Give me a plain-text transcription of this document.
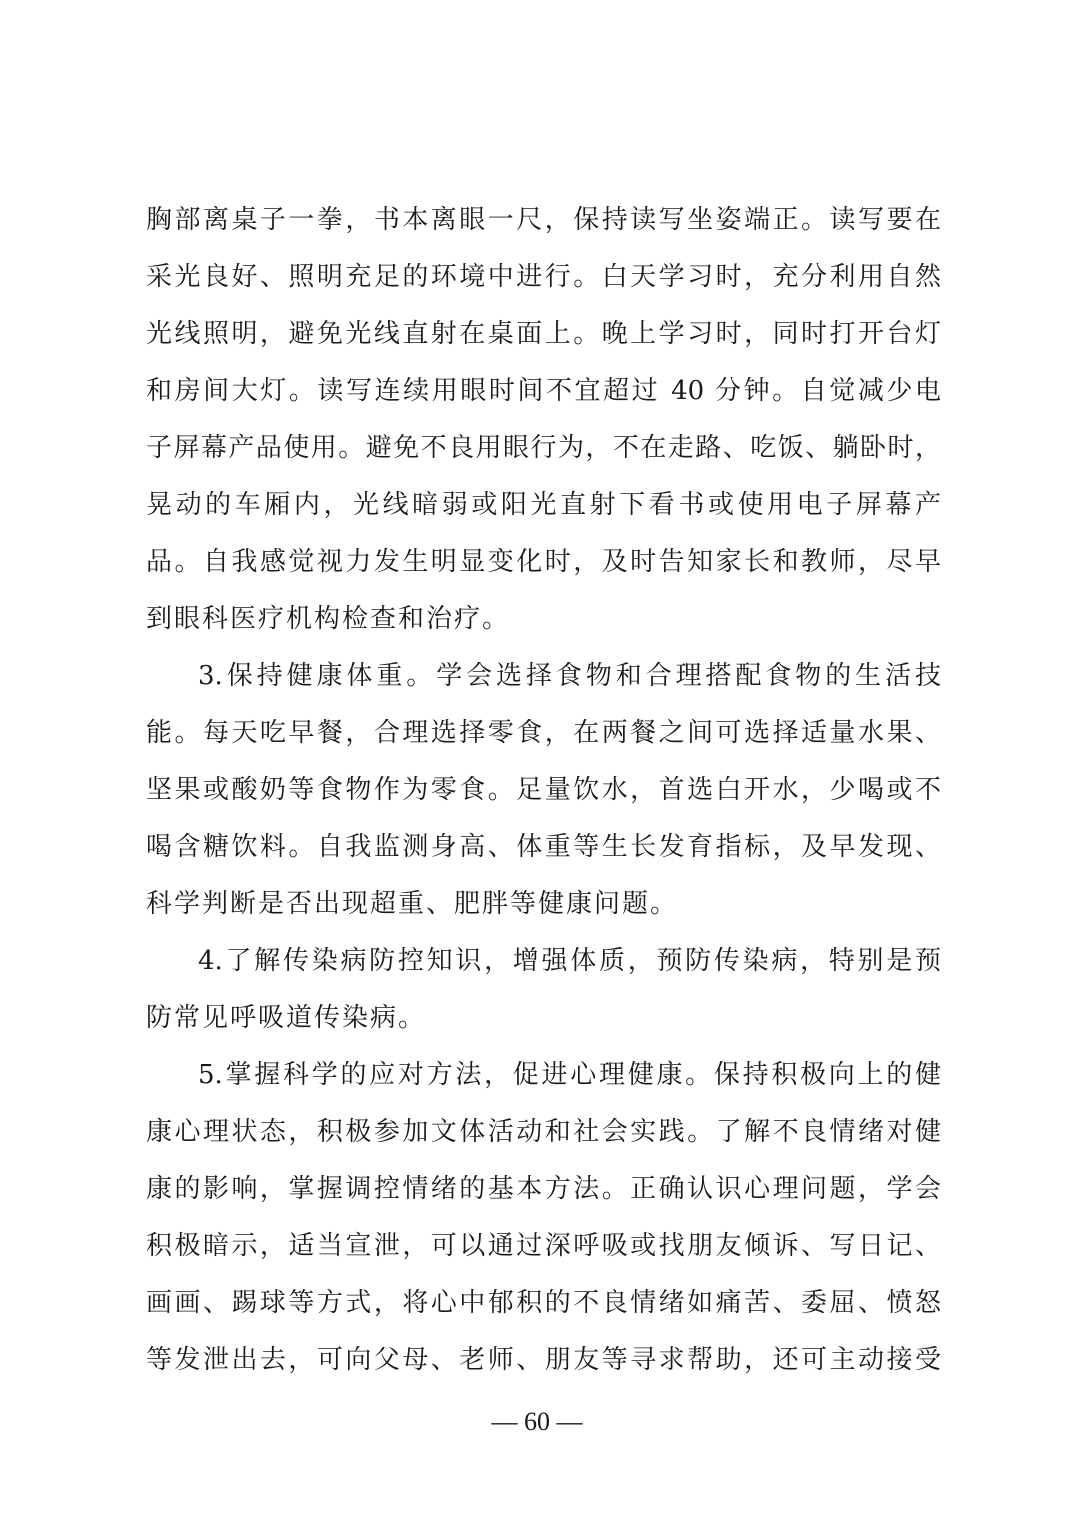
胸部离桌子一拳，书本离眼一尺，保持读写坐姿端正。读写要在
采光良好、照明充足的环境中进行。白天学习时，充分利用自然
光线照明，避免光线直射在桌面上。晚上学习时，同时打开台灯
和房间大灯。读写连续用眼时间不宜超过 40 分钟。自觉减少电
子屏幕产品使用。避免不良用眼行为，不在走路、吃饭、躺卧时，
晃动的车厢内，光线暗弱或阳光直射下看书或使用电子屏幕产
品。自我感觉视力发生明显变化时，及时告知家长和教师，尽早
到眼科医疗机构检查和治疗。
3.保持健康体重。学会选择食物和合理搭配食物的生活技
能。每天吃早餐，合理选择零食，在两餐之间可选择适量水果、
坚果或酸奶等食物作为零食。足量饮水，首选白开水，少喝或不
喝含糖饮料。自我监测身高、体重等生长发育指标，及早发现、
科学判断是否出现超重、肥胖等健康问题。
4.了解传染病防控知识，增强体质，预防传染病，特别是预
防常见呼吸道传染病。
5.掌握科学的应对方法，促进心理健康。保持积极向上的健
康心理状态，积极参加文体活动和社会实践。了解不良情绪对健
康的影响，掌握调控情绪的基本方法。正确认识心理问题，学会
积极暗示，适当宣泄，可以通过深呼吸或找朋友倾诉、写日记、
画画、踢球等方式，将心中郁积的不良情绪如痛苦、委屈、愤怒
等发泄出去，可向父母、老师、朋友等寻求帮助，还可主动接受
— 60 —
